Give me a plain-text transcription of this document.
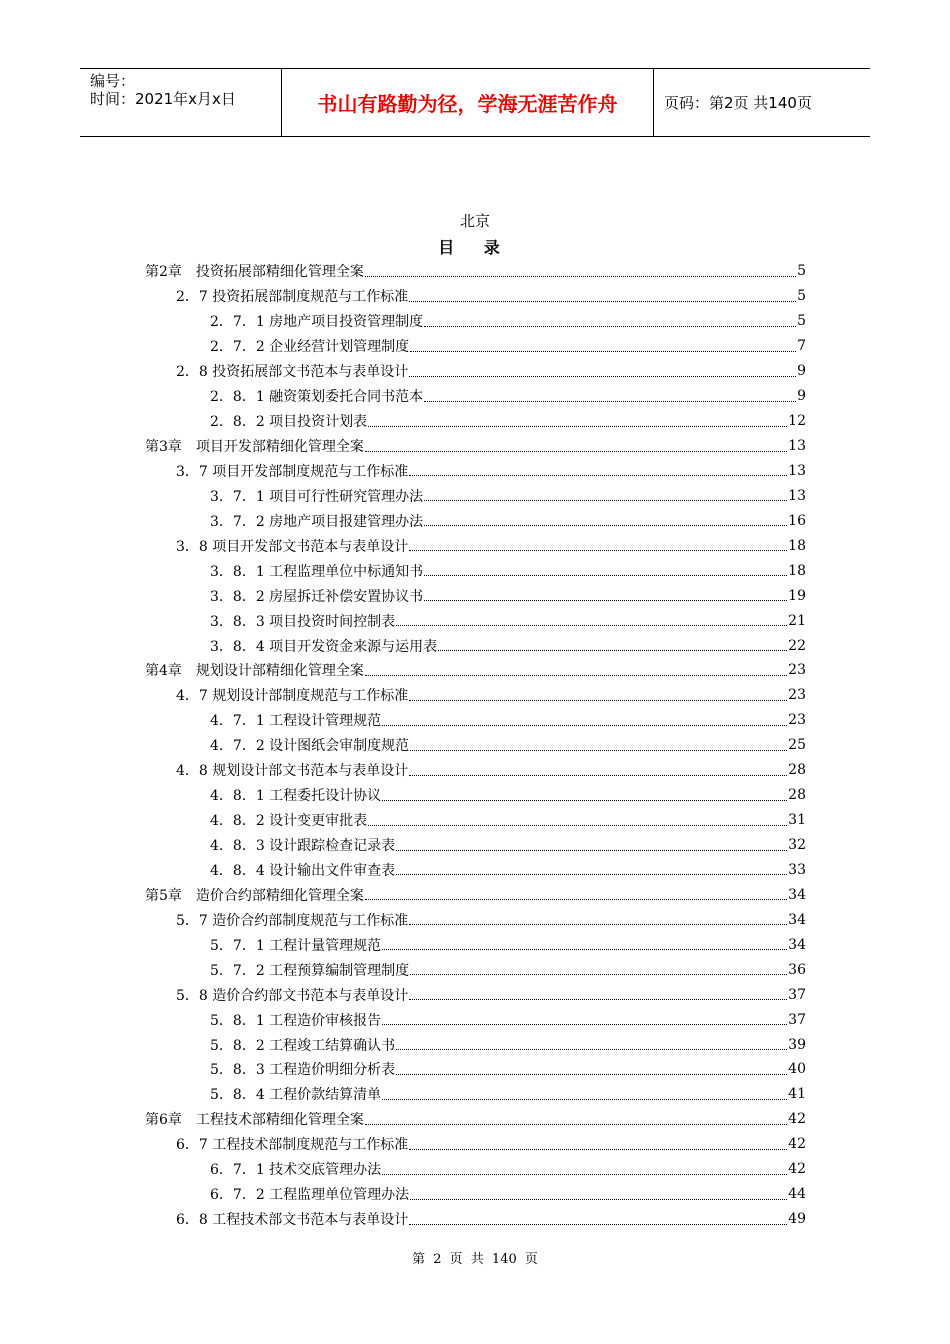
编号：
时间：2021年x月x日	书山有路勤为径，学海无涯苦作舟	页码：第2页 共140页
北京
目 录
第2章　投资拓展部精细化管理全案	5
2．7 投资拓展部制度规范与工作标准	5
2．7．1 房地产项目投资管理制度	5
2．7．2 企业经营计划管理制度	7
2．8 投资拓展部文书范本与表单设计	9
2．8．1 融资策划委托合同书范本	9
2．8．2 项目投资计划表	12
第3章　项目开发部精细化管理全案	13
3．7 项目开发部制度规范与工作标准	13
3．7．1 项目可行性研究管理办法	13
3．7．2 房地产项目报建管理办法	16
3．8 项目开发部文书范本与表单设计	18
3．8．1 工程监理单位中标通知书	18
3．8．2 房屋拆迁补偿安置协议书	19
3．8．3 项目投资时间控制表	21
3．8．4 项目开发资金来源与运用表	22
第4章　规划设计部精细化管理全案	23
4．7 规划设计部制度规范与工作标准	23
4．7．1 工程设计管理规范	23
4．7．2 设计图纸会审制度规范	25
4．8 规划设计部文书范本与表单设计	28
4．8．1 工程委托设计协议	28
4．8．2 设计变更审批表	31
4．8．3 设计跟踪检查记录表	32
4．8．4 设计输出文件审查表	33
第5章　造价合约部精细化管理全案	34
5．7 造价合约部制度规范与工作标准	34
5．7．1 工程计量管理规范	34
5．7．2 工程预算编制管理制度	36
5．8 造价合约部文书范本与表单设计	37
5．8．1 工程造价审核报告	37
5．8．2 工程竣工结算确认书	39
5．8．3 工程造价明细分析表	40
5．8．4 工程价款结算清单	41
第6章　工程技术部精细化管理全案	42
6．7 工程技术部制度规范与工作标准	42
6．7．1 技术交底管理办法	42
6．7．2 工程监理单位管理办法	44
6．8 工程技术部文书范本与表单设计	49
第 2 页 共 140 页
